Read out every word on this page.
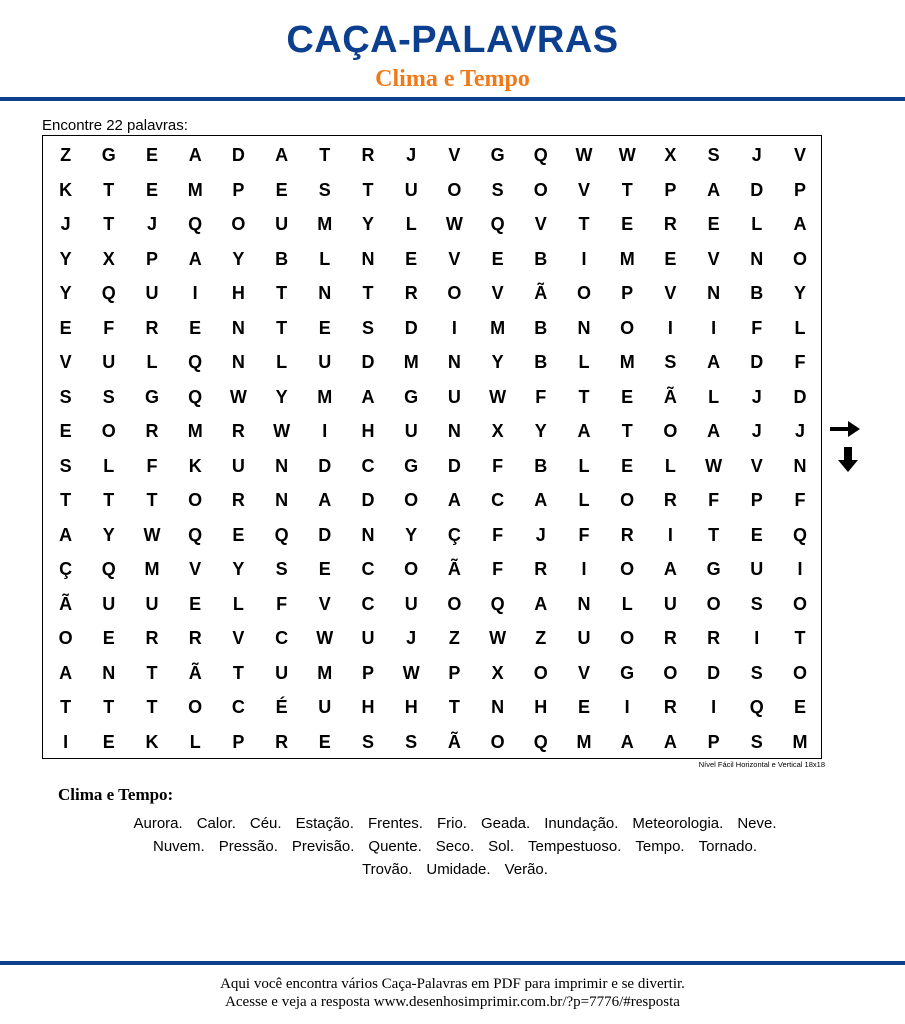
CAÇA-PALAVRAS
Clima e Tempo
Encontre 22 palavras:
Z	G	E	A	D	A	T	R	J	V	G	Q	W	W	X	S	J	V
K	T	E	M	P	E	S	T	U	O	S	O	V	T	P	A	D	P
J	T	J	Q	O	U	M	Y	L	W	Q	V	T	E	R	E	L	A
Y	X	P	A	Y	B	L	N	E	V	E	B	I	M	E	V	N	O
Y	Q	U	I	H	T	N	T	R	O	V	Ã	O	P	V	N	B	Y
E	F	R	E	N	T	E	S	D	I	M	B	N	O	I	I	F	L
V	U	L	Q	N	L	U	D	M	N	Y	B	L	M	S	A	D	F
S	S	G	Q	W	Y	M	A	G	U	W	F	T	E	Ã	L	J	D
E	O	R	M	R	W	I	H	U	N	X	Y	A	T	O	A	J	J
S	L	F	K	U	N	D	C	G	D	F	B	L	E	L	W	V	N
T	T	T	O	R	N	A	D	O	A	C	A	L	O	R	F	P	F
A	Y	W	Q	E	Q	D	N	Y	Ç	F	J	F	R	I	T	E	Q
Ç	Q	M	V	Y	S	E	C	O	Ã	F	R	I	O	A	G	U	I
Ã	U	U	E	L	F	V	C	U	O	Q	A	N	L	U	O	S	O
O	E	R	R	V	C	W	U	J	Z	W	Z	U	O	R	R	I	T
A	N	T	Ã	T	U	M	P	W	P	X	O	V	G	O	D	S	O
T	T	T	O	C	É	U	H	H	T	N	H	E	I	R	I	Q	E
I	E	K	L	P	R	E	S	S	Ã	O	Q	M	A	A	P	S	M
Nível Fácil Horizontal e Vertical 18x18
Clima e Tempo:
Aurora. Calor. Céu. Estação. Frentes. Frio. Geada. Inundação. Meteorologia. Neve.
Nuvem. Pressão. Previsão. Quente. Seco. Sol. Tempestuoso. Tempo. Tornado.
Trovão. Umidade. Verão.
Aqui você encontra vários Caça-Palavras em PDF para imprimir e se divertir.
Acesse e veja a resposta www.desenhosimprimir.com.br/?p=7776/#resposta
